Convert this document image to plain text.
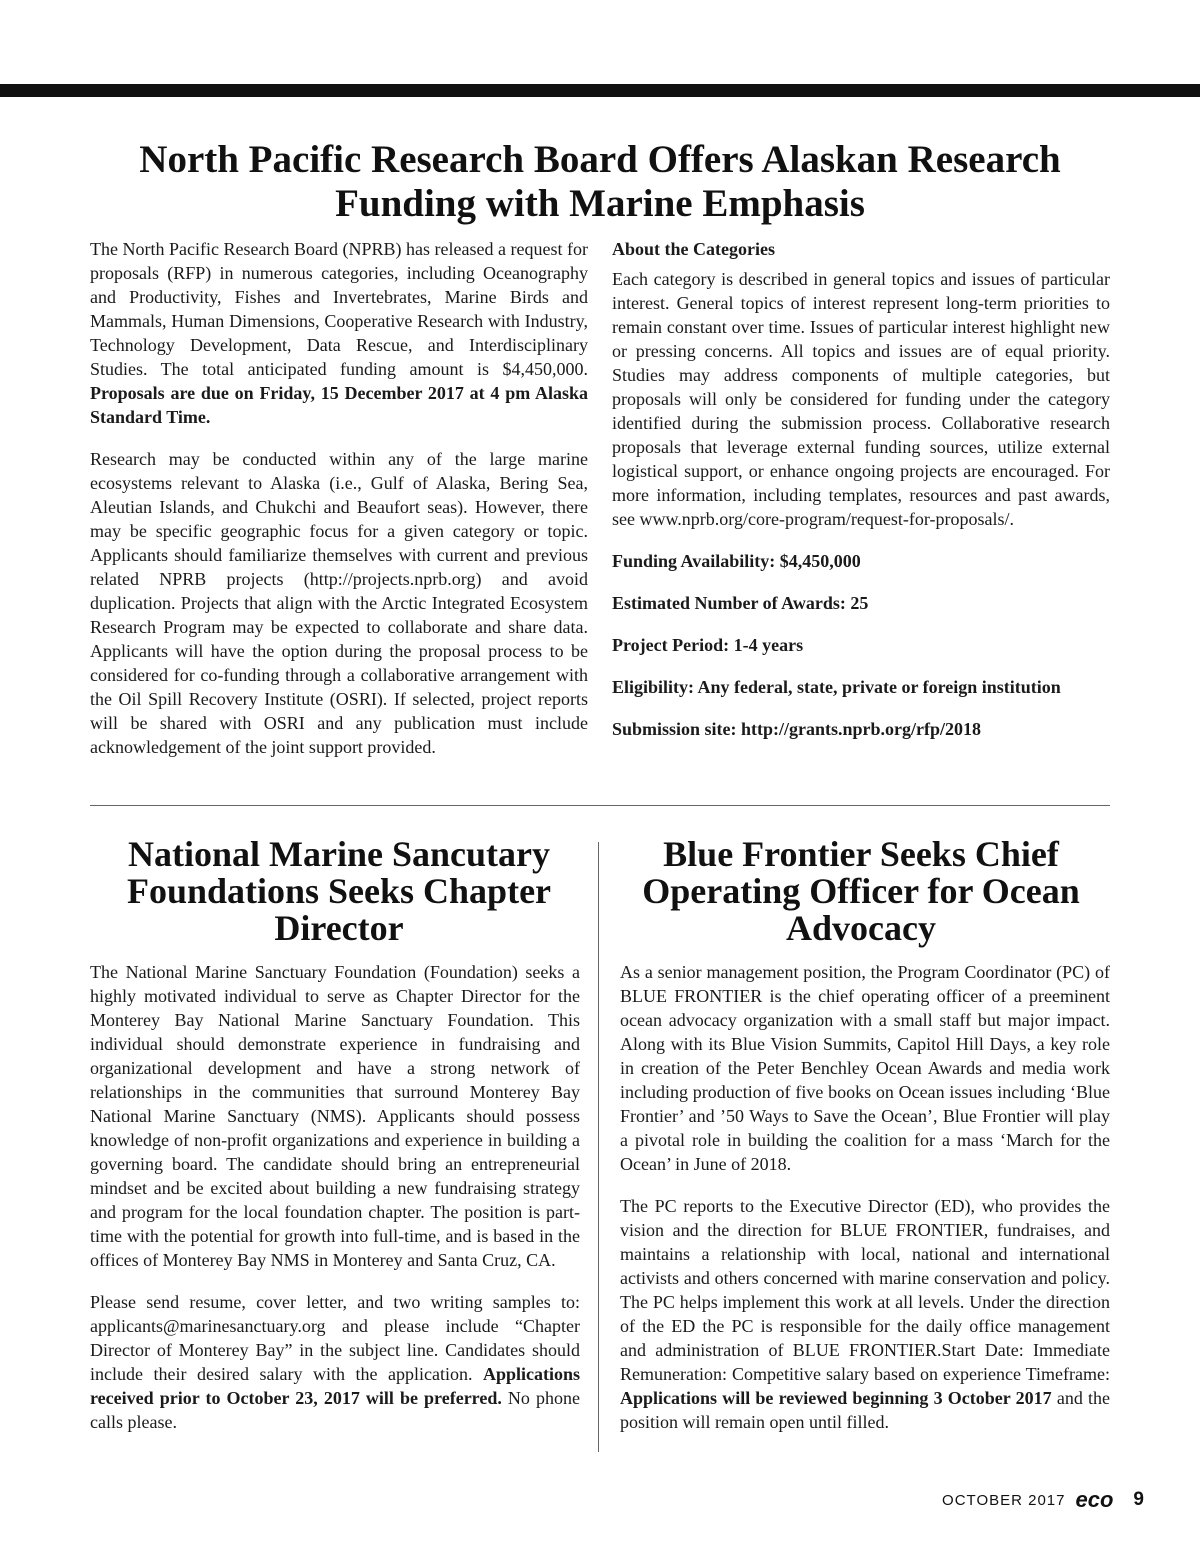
North Pacific Research Board Offers Alaskan Research Funding with Marine Emphasis

The North Pacific Research Board (NPRB) has released a request for proposals (RFP) in numerous categories, including Oceanography and Productivity, Fishes and Invertebrates, Marine Birds and Mammals, Human Dimensions, Cooperative Research with Industry, Technology Development, Data Rescue, and Interdisciplinary Studies. The total anticipated funding amount is $4,450,000. Proposals are due on Friday, 15 December 2017 at 4 pm Alaska Standard Time.

Research may be conducted within any of the large marine ecosystems relevant to Alaska (i.e., Gulf of Alaska, Bering Sea, Aleutian Islands, and Chukchi and Beaufort seas). However, there may be specific geographic focus for a given category or topic. Applicants should familiarize themselves with current and previous related NPRB projects (http://projects.nprb.org) and avoid duplication. Projects that align with the Arctic Integrated Ecosystem Research Program may be expected to collaborate and share data. Applicants will have the option during the proposal process to be considered for co-funding through a collaborative arrangement with the Oil Spill Recovery Institute (OSRI). If selected, project reports will be shared with OSRI and any publication must include acknowledgement of the joint support provided.

About the Categories

Each category is described in general topics and issues of particular interest. General topics of interest represent long-term priorities to remain constant over time. Issues of particular interest highlight new or pressing concerns. All topics and issues are of equal priority. Studies may address components of multiple categories, but proposals will only be considered for funding under the category identified during the submission process. Collaborative research proposals that leverage external funding sources, utilize external logistical support, or enhance ongoing projects are encouraged. For more information, including templates, resources and past awards, see www.nprb.org/core-program/request-for-proposals/.

Funding Availability: $4,450,000

Estimated Number of Awards: 25

Project Period: 1-4 years

Eligibility: Any federal, state, private or foreign institution

Submission site: http://grants.nprb.org/rfp/2018

National Marine Sancutary Foundations Seeks Chapter Director
Blue Frontier Seeks Chief Operating Officer for Ocean Advocacy

The National Marine Sanctuary Foundation (Foundation) seeks a highly motivated individual to serve as Chapter Director for the Monterey Bay National Marine Sanctuary Foundation. This individual should demonstrate experience in fundraising and organizational development and have a strong network of relationships in the communities that surround Monterey Bay National Marine Sanctuary (NMS). Applicants should possess knowledge of non-profit organizations and experience in building a governing board. The candidate should bring an entrepreneurial mindset and be excited about building a new fundraising strategy and program for the local foundation chapter. The position is part-time with the potential for growth into full-time, and is based in the offices of Monterey Bay NMS in Monterey and Santa Cruz, CA.

Please send resume, cover letter, and two writing samples to: applicants@marinesanctuary.org and please include “Chapter Director of Monterey Bay” in the subject line. Candidates should include their desired salary with the application. Applications received prior to October 23, 2017 will be preferred. No phone calls please.

As a senior management position, the Program Coordinator (PC) of BLUE FRONTIER is the chief operating officer of a preeminent ocean advocacy organization with a small staff but major impact. Along with its Blue Vision Summits, Capitol Hill Days, a key role in creation of the Peter Benchley Ocean Awards and media work including production of five books on Ocean issues including ‘Blue Frontier’ and ’50 Ways to Save the Ocean’, Blue Frontier will play a pivotal role in building the coalition for a mass ‘March for the Ocean’ in June of 2018.

The PC reports to the Executive Director (ED), who provides the vision and the direction for BLUE FRONTIER, fundraises, and maintains a relationship with local, national and international activists and others concerned with marine conservation and policy. The PC helps implement this work at all levels. Under the direction of the ED the PC is responsible for the daily office management and administration of BLUE FRONTIER.Start Date: Immediate Remuneration: Competitive salary based on experience Timeframe: Applications will be reviewed beginning 3 October 2017 and the position will remain open until filled.

OCTOBER 2017 eco 9
